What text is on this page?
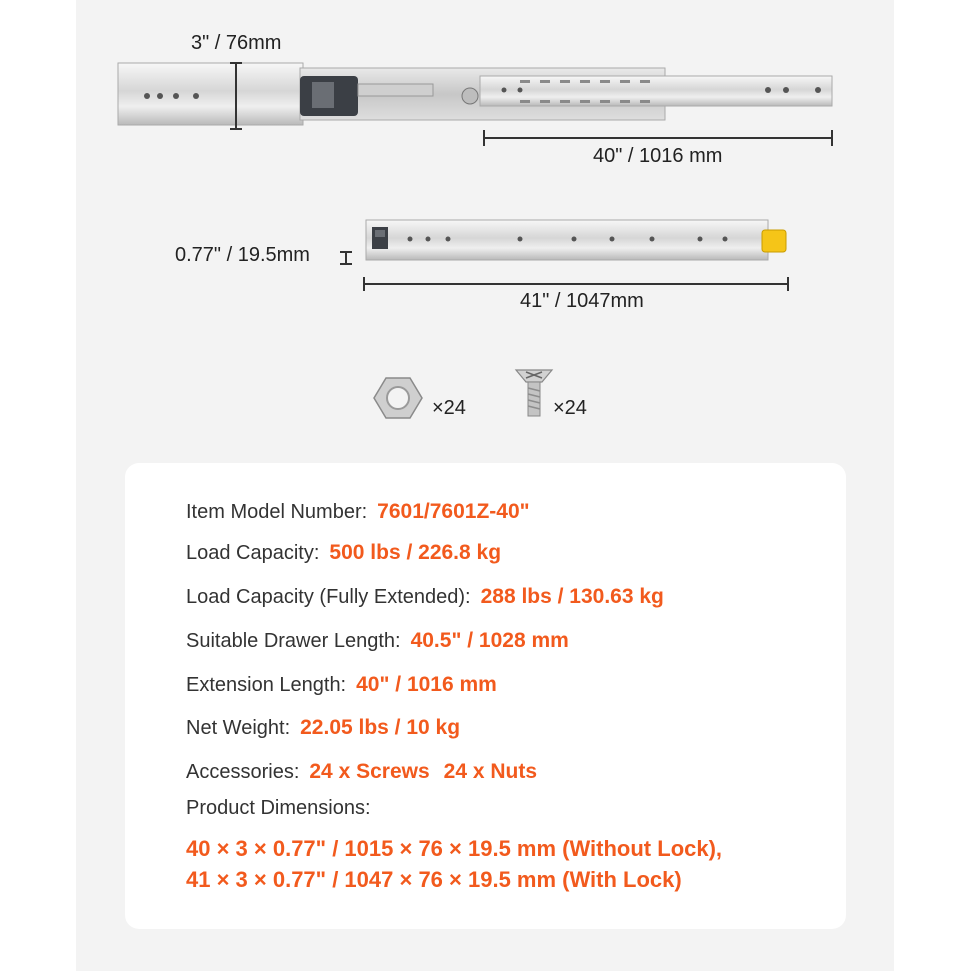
3" / 76mm
40" / 1016 mm
0.77" / 19.5mm
41" / 1047mm
×24	×24
Item Model Number: 7601/7601Z-40"
Load Capacity: 500 lbs / 226.8 kg
Load Capacity (Fully Extended): 288 lbs / 130.63 kg
Suitable Drawer Length: 40.5" / 1028 mm
Extension Length: 40" / 1016 mm
Net Weight: 22.05 lbs / 10 kg
Accessories: 24 x Screws 24 x Nuts
Product Dimensions:
40 × 3 × 0.77" / 1015 × 76 × 19.5 mm (Without Lock),
41 × 3 × 0.77" / 1047 × 76 × 19.5 mm (With Lock)
